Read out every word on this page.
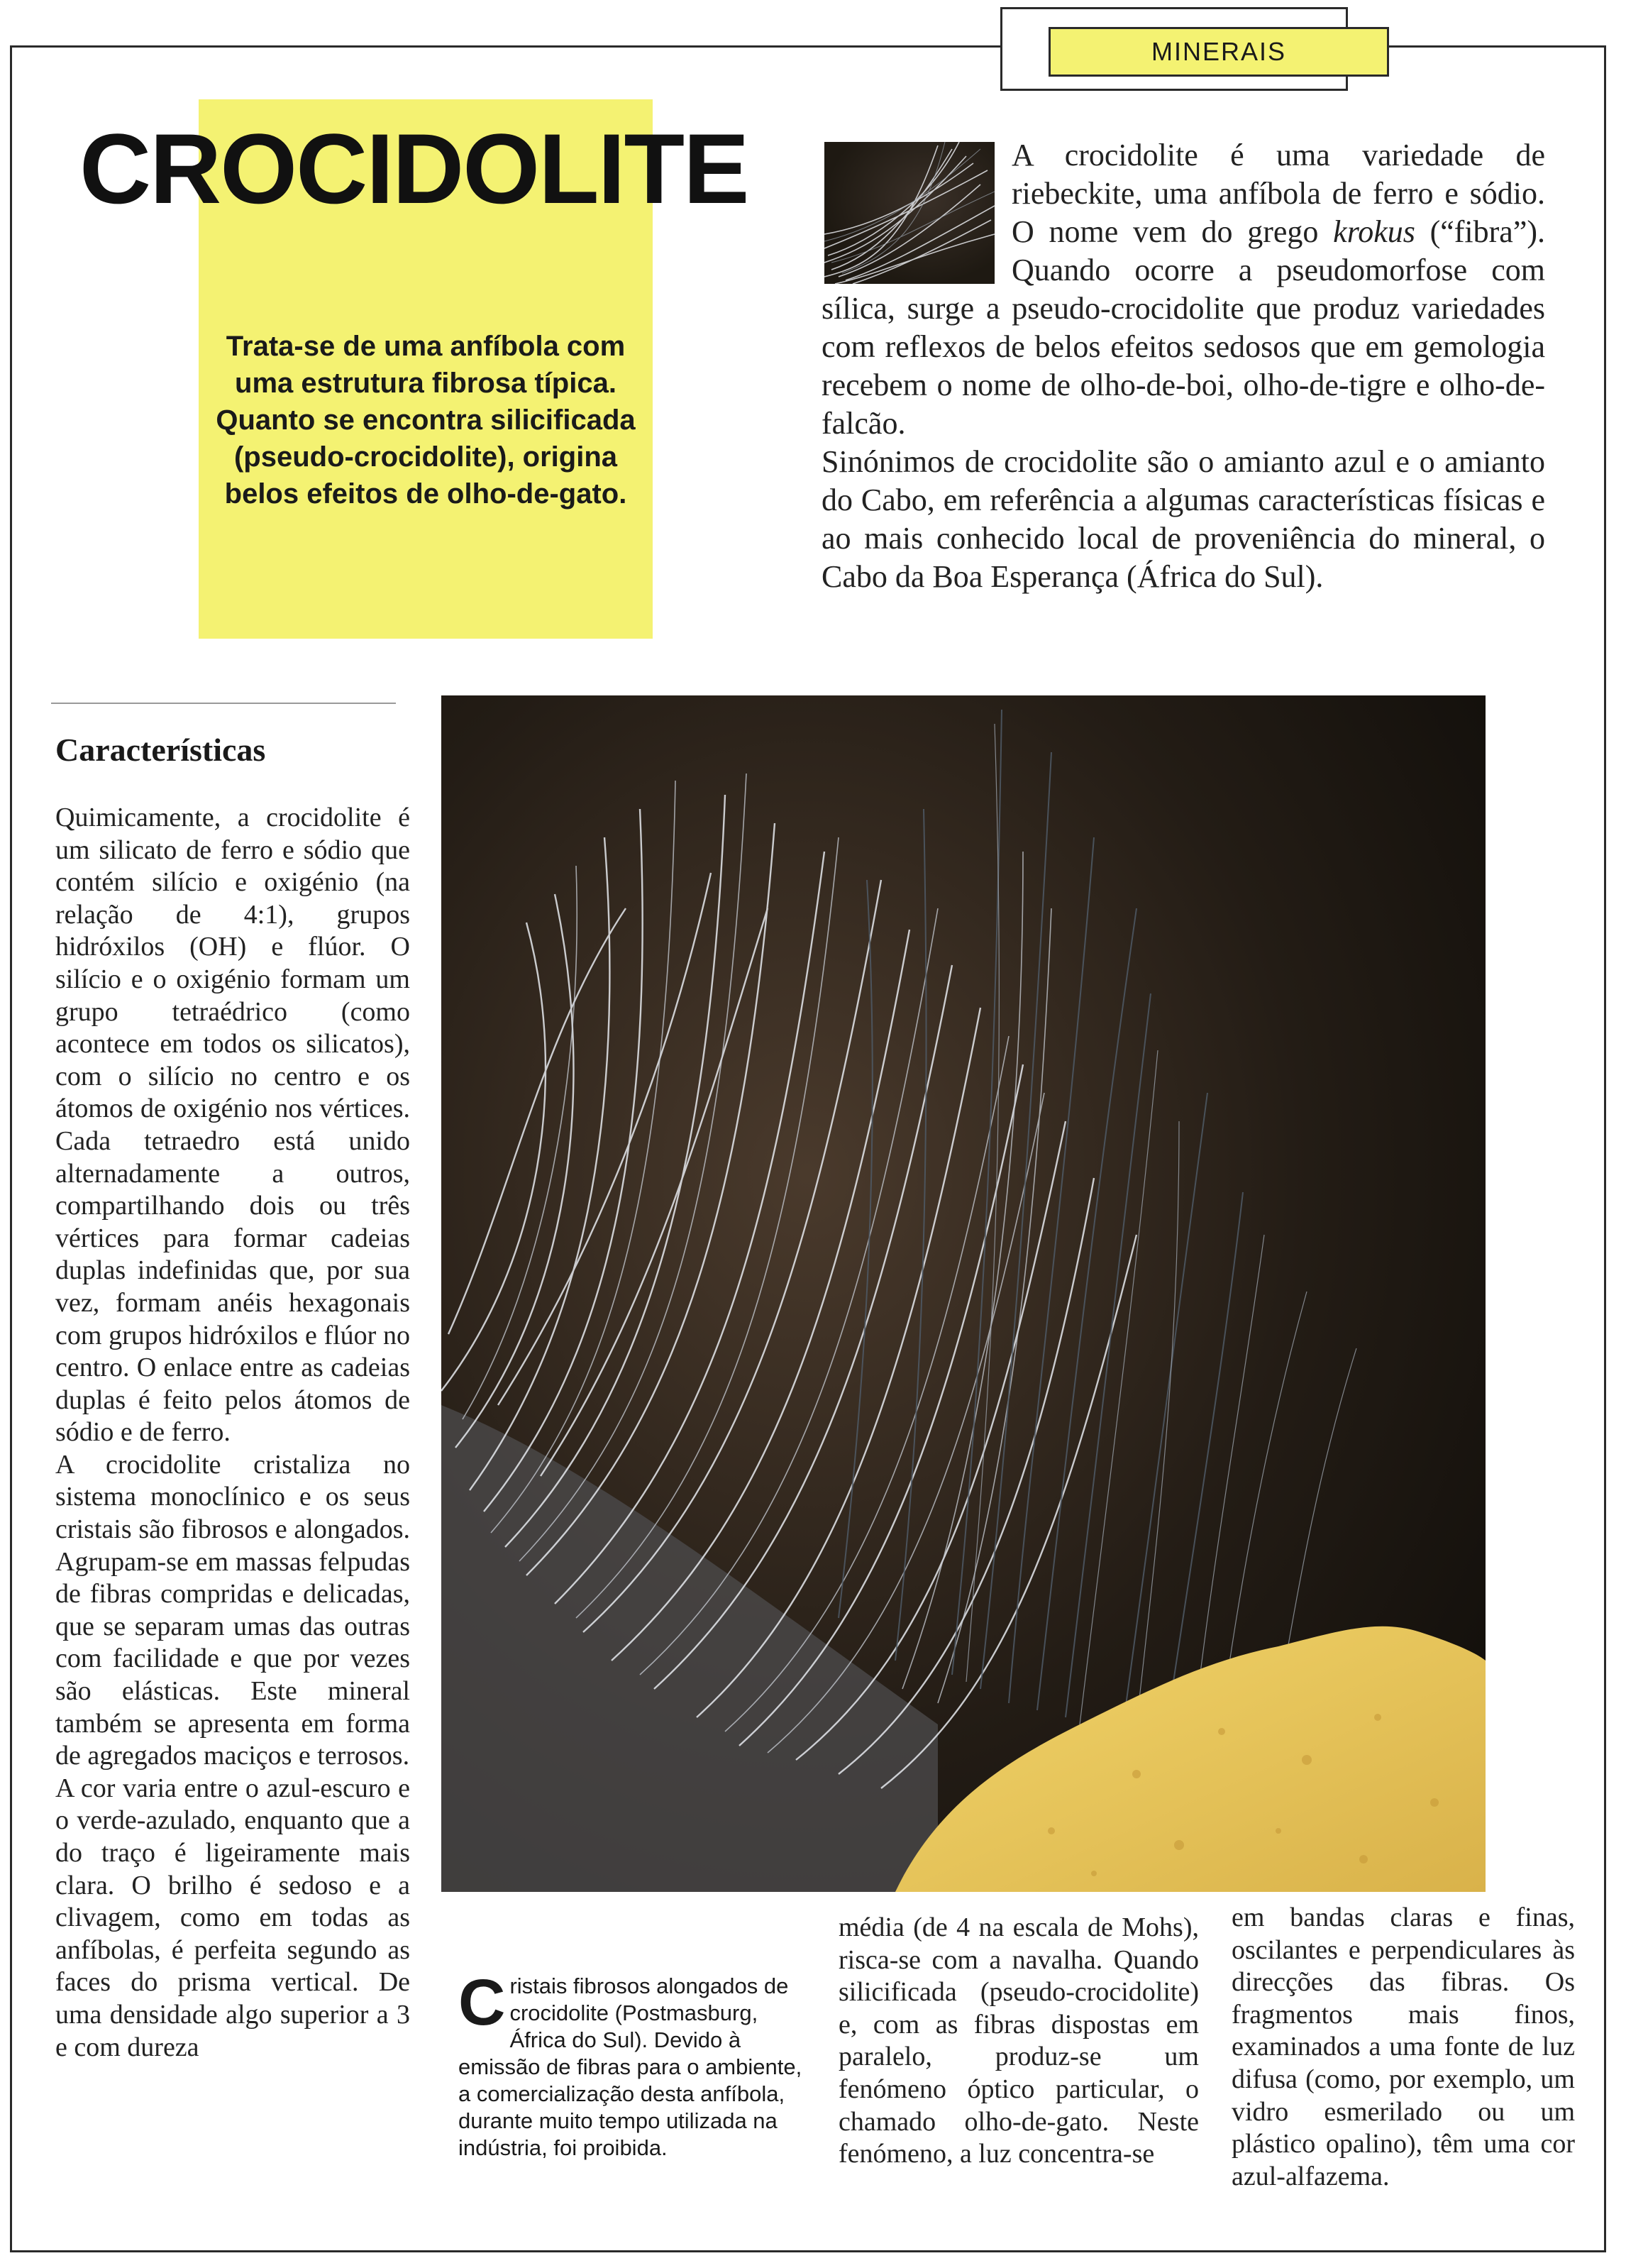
MINERAIS
CROCIDOLITE

Trata-se de uma anfíbola com uma estrutura fibrosa típica. Quanto se encontra silicificada (pseudo-crocidolite), origina belos efeitos de olho-de-gato.

A crocidolite é uma variedade de riebeckite, uma anfíbola de ferro e sódio. O nome vem do grego krokus (“fibra”). Quando ocorre a pseudomorfose com sílica, surge a pseudo-crocidolite que produz variedades com reflexos de belos efeitos sedosos que em gemologia recebem o nome de olho-de-boi, olho-de-tigre e olho-de-falcão.

Sinónimos de crocidolite são o amianto azul e o amianto do Cabo, em referência a algumas características físicas e ao mais conhecido local de proveniência do mineral, o Cabo da Boa Esperança (África do Sul).

Características

Quimicamente, a crocidolite é um silicato de ferro e sódio que contém silício e oxigénio (na relação de 4:1), grupos hidróxilos (OH) e flúor. O silício e o oxigénio formam um grupo tetraédrico (como acontece em todos os silicatos), com o silício no centro e os átomos de oxigénio nos vértices. Cada tetraedro está unido alternadamente a outros, compartilhando dois ou três vértices para formar cadeias duplas indefinidas que, por sua vez, formam anéis hexagonais com grupos hidróxilos e flúor no centro. O enlace entre as cadeias duplas é feito pelos átomos de sódio e de ferro.

A crocidolite cristaliza no sistema monoclínico e os seus cristais são fibrosos e alongados. Agrupam-se em massas felpudas de fibras compridas e delicadas, que se separam umas das outras com facilidade e que por vezes são elásticas. Este mineral também se apresenta em forma de agregados maciços e terrosos.

A cor varia entre o azul-escuro e o verde-azulado, enquanto que a do traço é ligeiramente mais clara. O brilho é sedoso e a clivagem, como em todas as anfíbolas, é perfeita segundo as faces do prisma vertical. De uma densidade algo superior a 3 e com dureza

Cristais fibrosos alongados de crocidolite (Postmasburg, África do Sul). Devido à emissão de fibras para o ambiente, a comercialização desta anfíbola, durante muito tempo utilizada na indústria, foi proibida.

média (de 4 na escala de Mohs), risca-se com a navalha. Quando silicificada (pseudo-crocidolite) e, com as fibras dispostas em paralelo, produz-se um fenómeno óptico particular, o chamado olho-de-gato. Neste fenómeno, a luz concentra-se

em bandas claras e finas, oscilantes e perpendiculares às direcções das fibras. Os fragmentos mais finos, examinados a uma fonte de luz difusa (como, por exemplo, um vidro esmerilado ou um plástico opalino), têm uma cor azul-alfazema.
